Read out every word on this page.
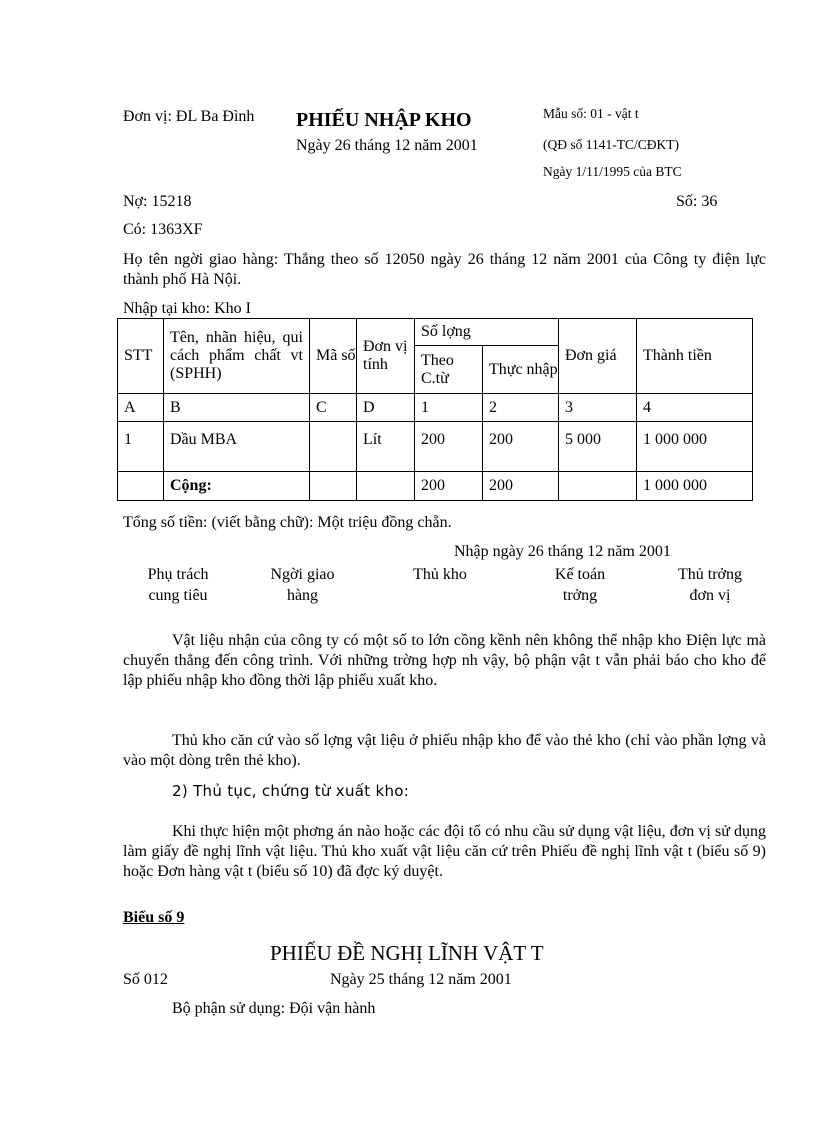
Đơn vị: ĐL Ba Đình PHIẾU NHẬP KHO
Ngày 26 tháng 12 năm 2001
Mẫu số: 01 - vật t
(QĐ số 1141-TC/CĐKT)
Ngày 1/11/1995 của BTC
Nợ: 15218	Số: 36
Có: 1363XF
Họ tên ngời giao hàng: Thắng theo số 12050 ngày 26 tháng 12 năm 2001 của Công ty điện lực thành phố Hà Nội.
Nhập tại kho: Kho I
STT	Tên, nhãn hiệu, qui cách phẩm chất vt (SPHH)	Mã số	Đơn vị tính	Số lợng		Đơn giá	Thành tiền
				Theo C.từ	Thực nhập		
A	B	C	D	1	2	3	4
1	Dầu MBA		Lít	200	200	5 000	1 000 000
	Cộng:			200	200		1 000 000
Tổng số tiền: (viết bằng chữ): Một triệu đồng chẵn.
Nhập ngày 26 tháng 12 năm 2001
Phụ trách
cung tiêu
Ngời giao
hàng
Thủ kho	Kế toán
trởng
Thủ trởng
đơn vị
Vật liệu nhận của công ty có một số to lớn cồng kềnh nên không thể nhập kho Điện lực mà chuyển thẳng đến công trình. Với những trờng hợp nh vậy, bộ phận vật t vẫn phải báo cho kho để lập phiếu nhập kho đồng thời lập phiếu xuất kho.
Thủ kho căn cứ vào số lợng vật liệu ở phiếu nhập kho để vào thẻ kho (chỉ vào phần lợng và vào một dòng trên thẻ kho).
2) Thủ tục, chứng từ xuất kho:
Khi thực hiện một phơng án nào hoặc các đội tổ có nhu cầu sử dụng vật liệu, đơn vị sử dụng làm giấy đề nghị lĩnh vật liệu. Thủ kho xuất vật liệu căn cứ trên Phiếu đề nghị lĩnh vật t (biểu số 9) hoặc Đơn hàng vật t (biểu số 10) đã đợc ký duyệt.
Biểu số 9
PHIẾU ĐỀ NGHỊ LĨNH VẬT T
Số 012	Ngày 25 tháng 12 năm 2001
Bộ phận sử dụng: Đội vận hành
